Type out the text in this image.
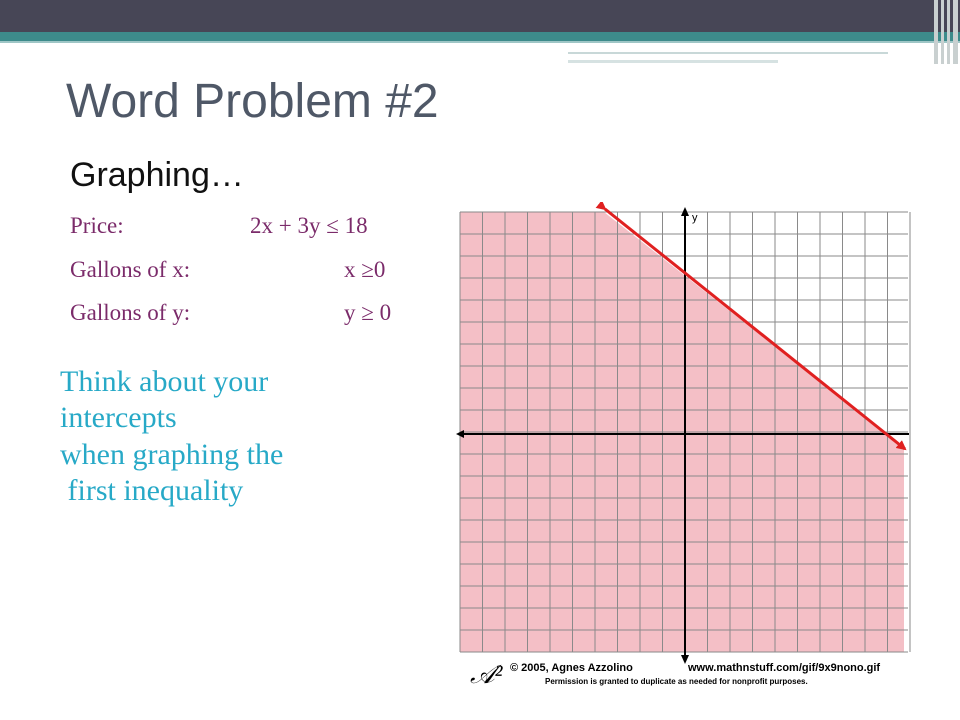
Word Problem #2
Graphing…
Price:	2x + 3y ≤ 18
Gallons of x:	x ≥0
Gallons of y:	y ≥ 0
Think about your
intercepts
when graphing the
first inequality
y
𝒜² © 2005, Agnes Azzolino	www.mathnstuff.com/gif/9x9nono.gif
Permission is granted to duplicate as needed for nonprofit purposes.
